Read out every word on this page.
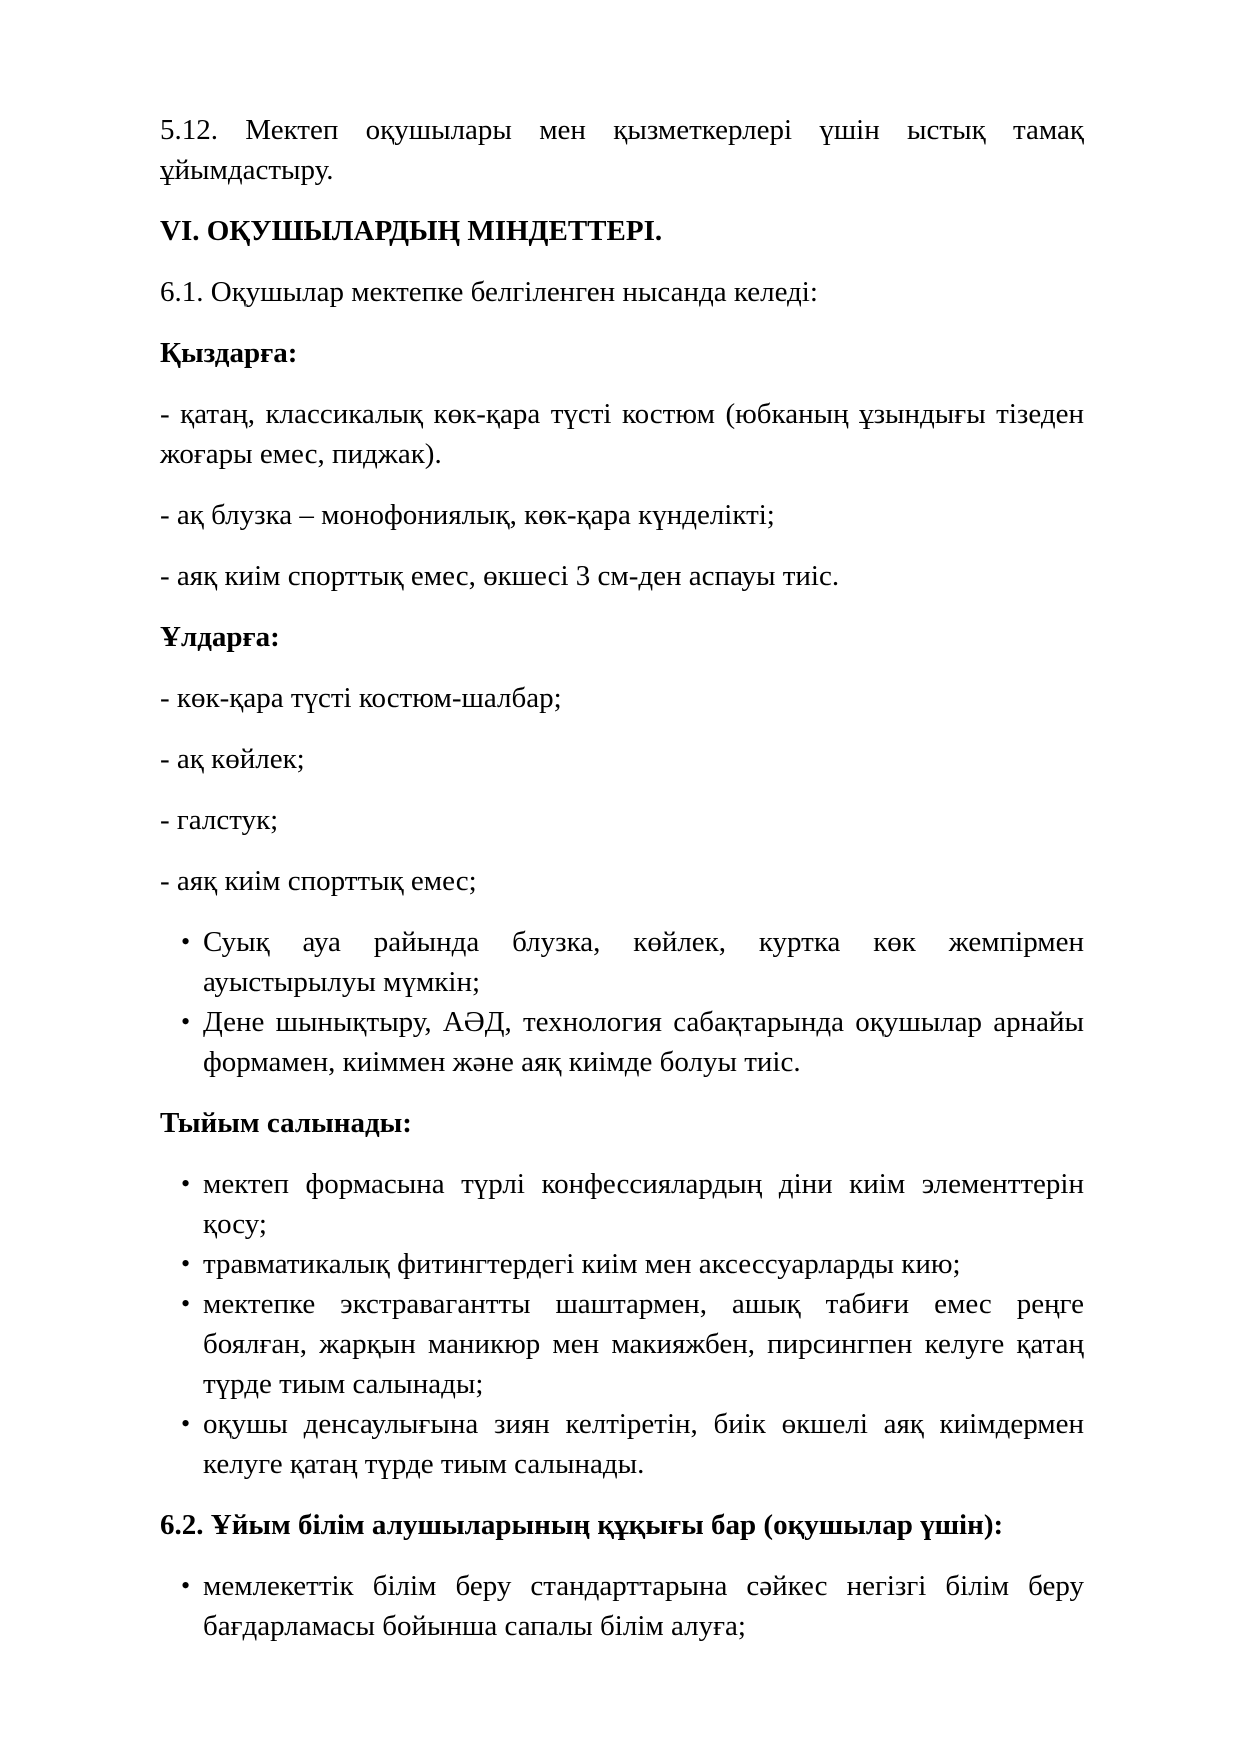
5.12. Мектеп оқушылары мен қызметкерлері үшін ыстық тамақ ұйымдастыру.

VI. ОҚУШЫЛАРДЫҢ МІНДЕТТЕРІ.

6.1. Оқушылар мектепке белгіленген нысанда келеді:

Қыздарға:

- қатаң, классикалық көк-қара түсті костюм (юбканың ұзындығы тізеден жоғары емес, пиджак).

- ақ блузка – монофониялық, көк-қара күнделікті;

- аяқ киім спорттық емес, өкшесі 3 см-ден аспауы тиіс.

Ұлдарға:

- көк-қара түсті костюм-шалбар;

- ақ көйлек;

- галстук;

- аяқ киім спорттық емес;

• Суық ауа райында блузка, көйлек, куртка көк жемпірмен ауыстырылуы мүмкін;
• Дене шынықтыру, АӘД, технология сабақтарында оқушылар арнайы формамен, киіммен және аяқ киімде болуы тиіс.

Тыйым салынады:

• мектеп формасына түрлі конфессиялардың діни киім элементтерін қосу;
• травматикалық фитингтердегі киім мен аксессуарларды кию;
• мектепке экстравагантты шаштармен, ашық табиғи емес реңге боялған, жарқын маникюр мен макияжбен, пирсингпен келуге қатаң түрде тиым салынады;
• оқушы денсаулығына зиян келтіретін, биік өкшелі аяқ киімдермен келуге қатаң түрде тиым салынады.

6.2. Ұйым білім алушыларының құқығы бар (оқушылар үшін):

• мемлекеттік білім беру стандарттарына сәйкес негізгі білім беру бағдарламасы бойынша сапалы білім алуға;
